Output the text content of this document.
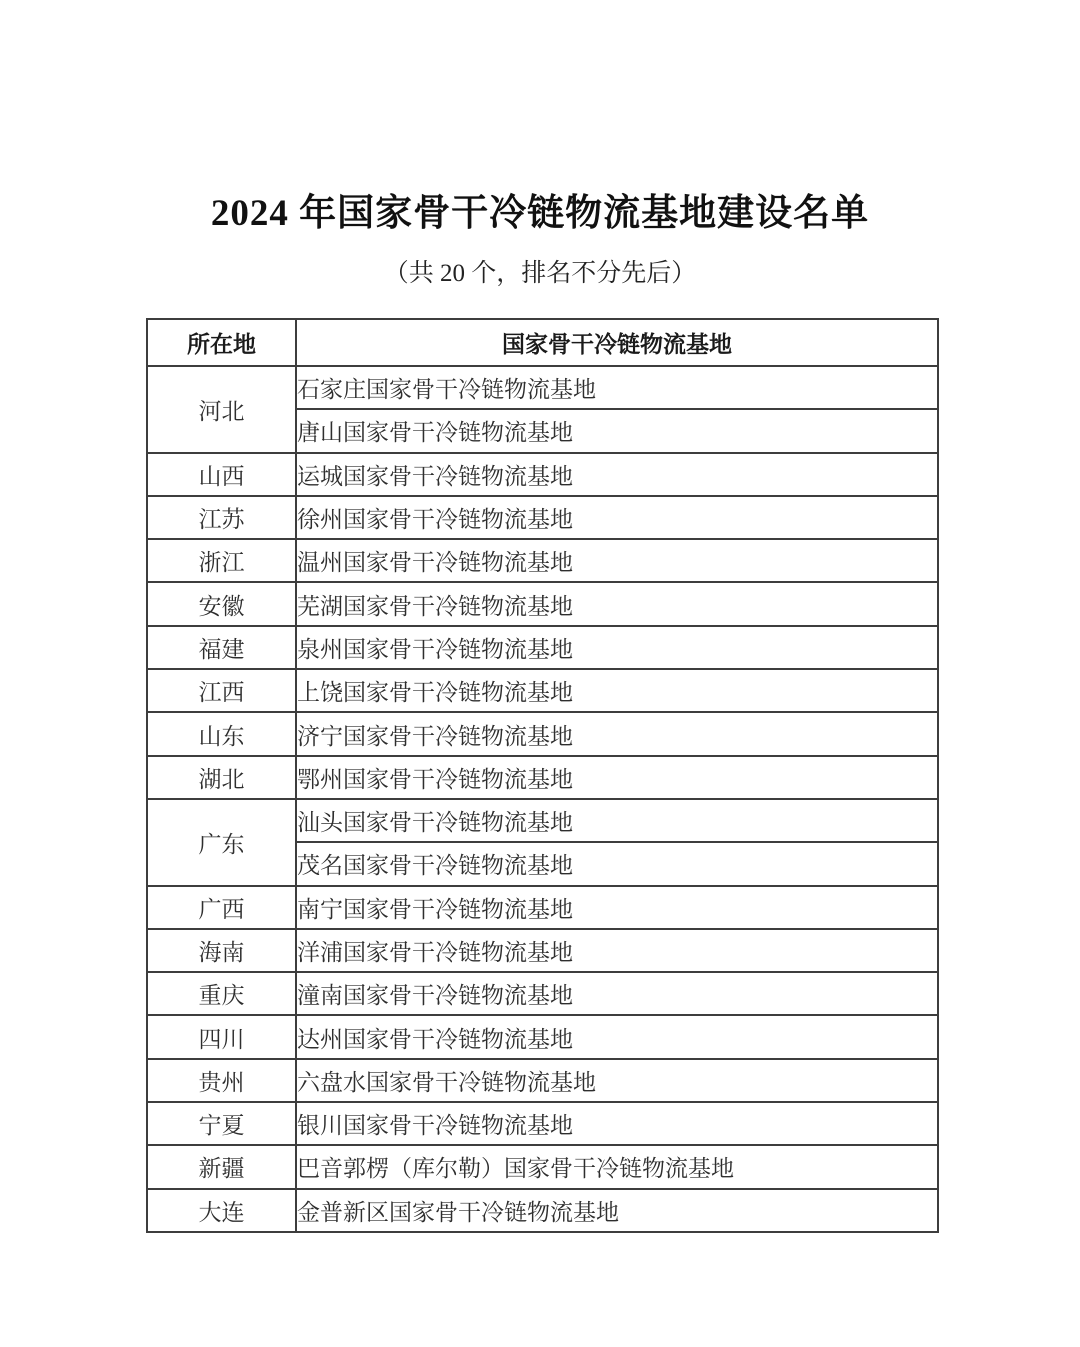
2024 年国家骨干冷链物流基地建设名单
（共 20 个，排名不分先后）
所在地	国家骨干冷链物流基地
河北	石家庄国家骨干冷链物流基地
	唐山国家骨干冷链物流基地
山西	运城国家骨干冷链物流基地
江苏	徐州国家骨干冷链物流基地
浙江	温州国家骨干冷链物流基地
安徽	芜湖国家骨干冷链物流基地
福建	泉州国家骨干冷链物流基地
江西	上饶国家骨干冷链物流基地
山东	济宁国家骨干冷链物流基地
湖北	鄂州国家骨干冷链物流基地
广东	汕头国家骨干冷链物流基地
	茂名国家骨干冷链物流基地
广西	南宁国家骨干冷链物流基地
海南	洋浦国家骨干冷链物流基地
重庆	潼南国家骨干冷链物流基地
四川	达州国家骨干冷链物流基地
贵州	六盘水国家骨干冷链物流基地
宁夏	银川国家骨干冷链物流基地
新疆	巴音郭楞（库尔勒）国家骨干冷链物流基地
大连	金普新区国家骨干冷链物流基地
